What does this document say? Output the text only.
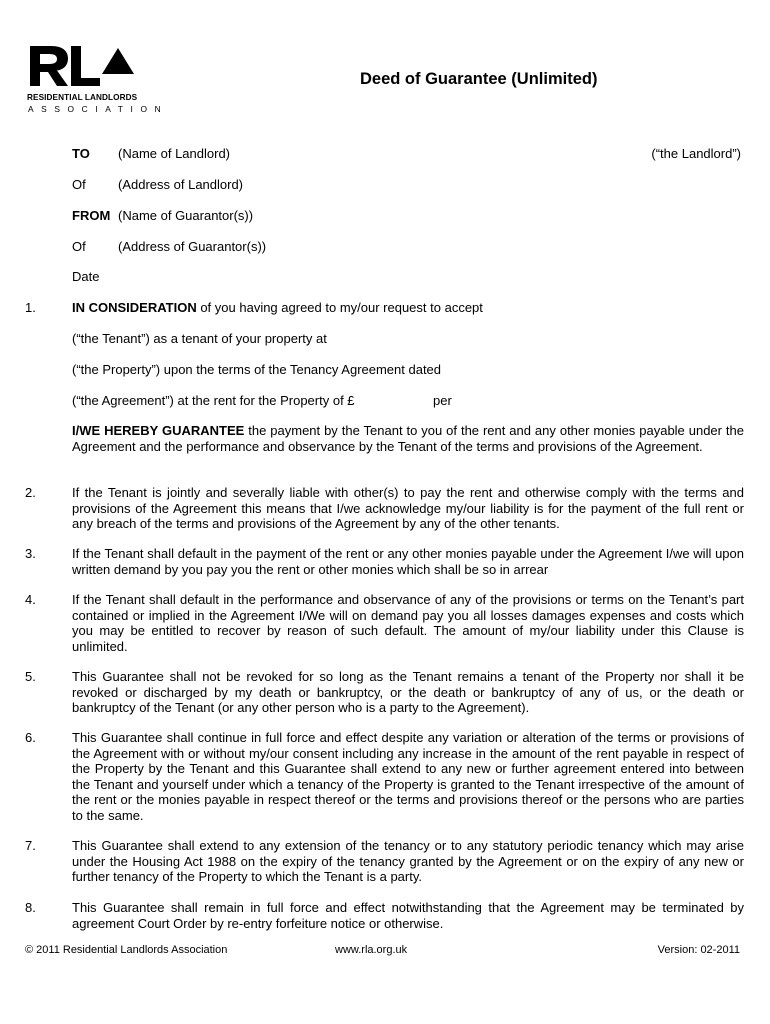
RESIDENTIAL LANDLORDS
ASSOCIATION
Deed of Guarantee (Unlimited)
TO (Name of Landlord)	(“the Landlord”)
Of (Address of Landlord)
FROM (Name of Guarantor(s))
Of (Address of Guarantor(s))
Date
1.	IN CONSIDERATION of you having agreed to my/our request to accept
(“the Tenant”) as a tenant of your property at
(“the Property”) upon the terms of the Tenancy Agreement dated
(“the Agreement”) at the rent for the Property of £	per
I/WE HEREBY GUARANTEE the payment by the Tenant to you of the rent and any other monies payable under the Agreement and the performance and observance by the Tenant of the terms and provisions of the Agreement.
2.	If the Tenant is jointly and severally liable with other(s) to pay the rent and otherwise comply with the terms and provisions of the Agreement this means that I/we acknowledge my/our liability is for the payment of the full rent or any breach of the terms and provisions of the Agreement by any of the other tenants.
3.	If the Tenant shall default in the payment of the rent or any other monies payable under the Agreement I/we will upon written demand by you pay you the rent or other monies which shall be so in arrear
4.	If the Tenant shall default in the performance and observance of any of the provisions or terms on the Tenant’s part contained or implied in the Agreement I/We will on demand pay you all losses damages expenses and costs which you may be entitled to recover by reason of such default. The amount of my/our liability under this Clause is unlimited.
5.	This Guarantee shall not be revoked for so long as the Tenant remains a tenant of the Property nor shall it be revoked or discharged by my death or bankruptcy, or the death or bankruptcy of any of us, or the death or bankruptcy of the Tenant (or any other person who is a party to the Agreement).
6.	This Guarantee shall continue in full force and effect despite any variation or alteration of the terms or provisions of the Agreement with or without my/our consent including any increase in the amount of the rent payable in respect of the Property by the Tenant and this Guarantee shall extend to any new or further agreement entered into between the Tenant and yourself under which a tenancy of the Property is granted to the Tenant irrespective of the amount of the rent or the monies payable in respect thereof or the terms and provisions thereof or the persons who are parties to the same.
7.	This Guarantee shall extend to any extension of the tenancy or to any statutory periodic tenancy which may arise under the Housing Act 1988 on the expiry of the tenancy granted by the Agreement or on the expiry of any new or further tenancy of the Property to which the Tenant is a party.
8.	This Guarantee shall remain in full force and effect notwithstanding that the Agreement may be terminated by agreement Court Order by re-entry forfeiture notice or otherwise.
© 2011 Residential Landlords Association	www.rla.org.uk	Version: 02-2011
